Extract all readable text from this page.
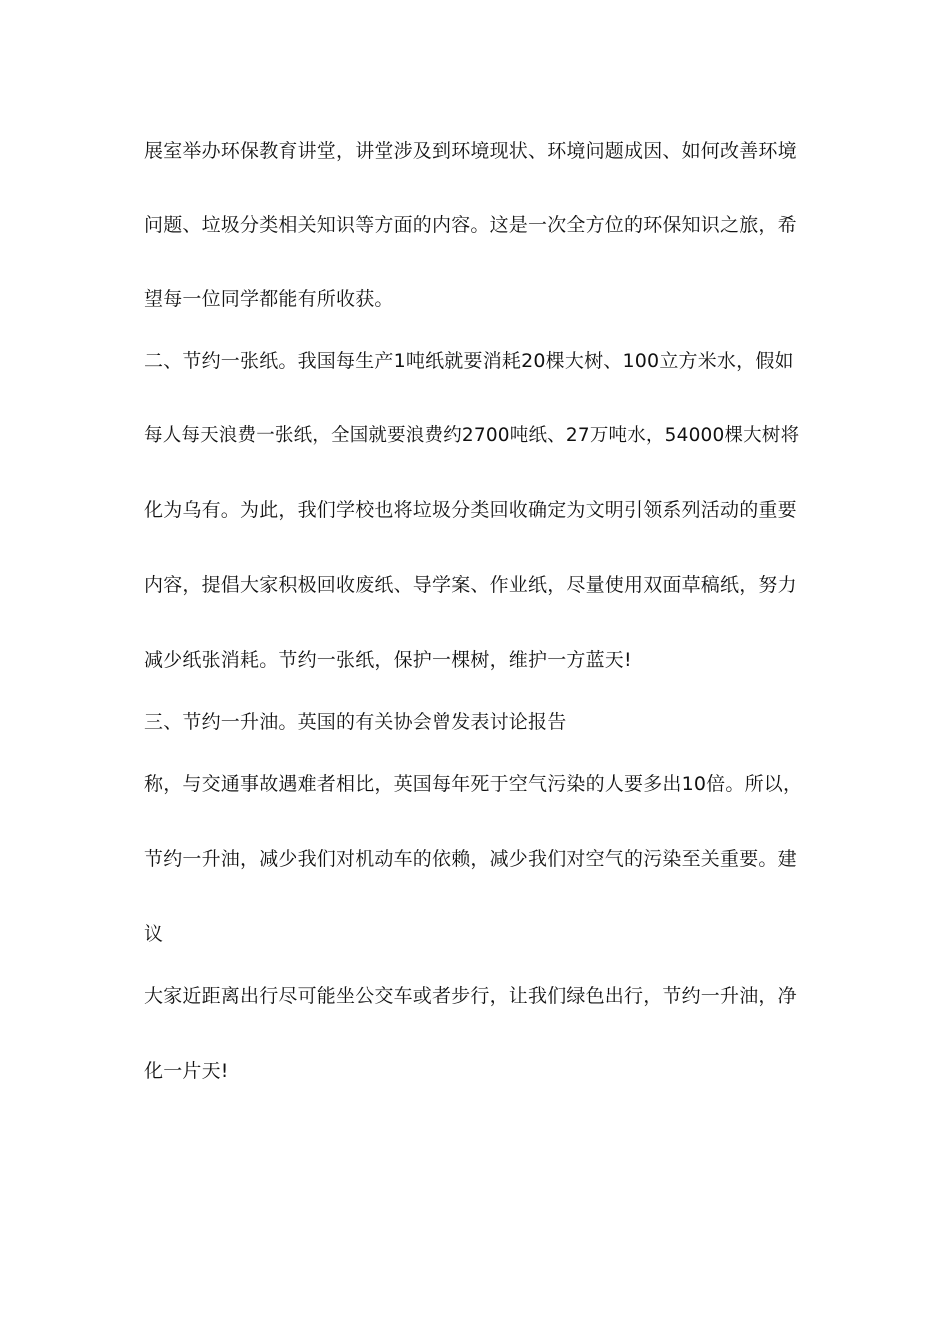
展室举办环保教育讲堂，讲堂涉及到环境现状、环境问题成因、如何改善环境
问题、垃圾分类相关知识等方面的内容。这是一次全方位的环保知识之旅，希
望每一位同学都能有所收获。
二、节约一张纸。我国每生产1吨纸就要消耗20棵大树、100立方米水，假如
每人每天浪费一张纸，全国就要浪费约2700吨纸、27万吨水，54000棵大树将
化为乌有。为此，我们学校也将垃圾分类回收确定为文明引领系列活动的重要
内容，提倡大家积极回收废纸、导学案、作业纸，尽量使用双面草稿纸，努力
减少纸张消耗。节约一张纸，保护一棵树，维护一方蓝天!
三、节约一升油。英国的有关协会曾发表讨论报告
称，与交通事故遇难者相比，英国每年死于空气污染的人要多出10倍。所以，
节约一升油，减少我们对机动车的依赖，减少我们对空气的污染至关重要。建
议
大家近距离出行尽可能坐公交车或者步行，让我们绿色出行，节约一升油，净
化一片天!
